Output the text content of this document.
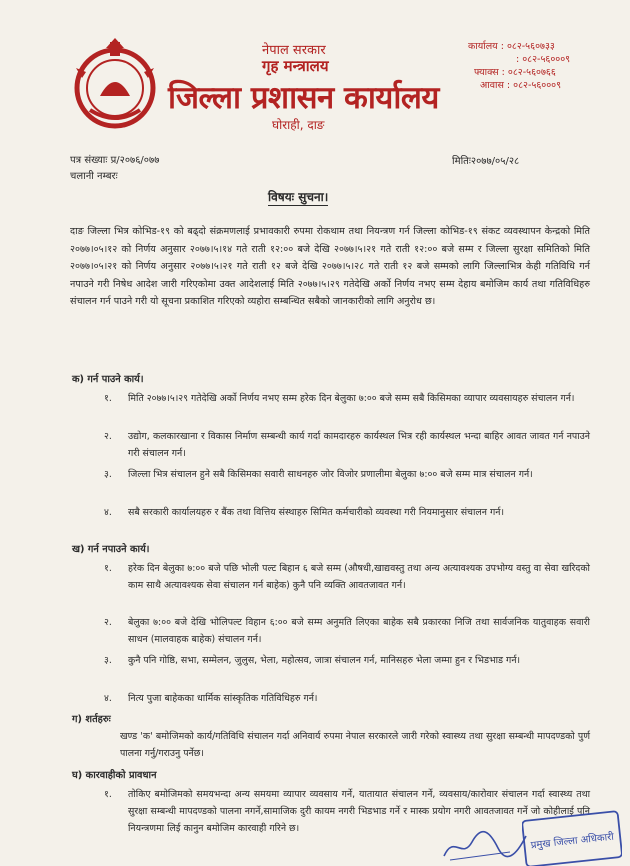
नेपाल सरकार
गृह मन्त्रालय
जिल्ला प्रशासन कार्यालय
घोराही, दाङ
कार्यालय : ०८२-५६०७३३
: ०८२-५६०००९
फ्याक्स : ०८२-५६०७६६
आवास : ०८२-५६०००९
पत्र संख्याः प्र/२०७६/०७७
चलानी नम्बरः
मितिः२०७७/०५/२८
विषयः सुचना।
दाङ जिल्ला भित्र कोभिड-१९ को बढ्दो संक्रमणलाई प्रभावकारी रुपमा रोकथाम तथा नियन्त्रण गर्न जिल्ला कोभिड-१९ संकट व्यवस्थापन केन्द्रको मिति २०७७।०५।१२ को निर्णय अनुसार २०७७।५।१४ गते राती १२:०० बजे देखि २०७७।५।२१ गते राती १२:०० बजे सम्म र जिल्ला सुरक्षा समितिको मिति २०७७।०५।२१ को निर्णय अनुसार २०७७।५।२१ गते राती १२ बजे देखि २०७७।५।२८ गते राती १२ बजे सम्मको लागि जिल्लाभित्र केही गतिविधि गर्न नपाउने गरी निषेध आदेश जारी गरिएकोमा उक्त आदेशलाई मिति २०७७।५।२९ गतेदेखि अर्को निर्णय नभए सम्म देहाय बमोजिम कार्य तथा गतिविधिहरु संचालन गर्न पाउने गरी यो सूचना प्रकाशित गरिएको व्यहोरा सम्बन्धित सबैको जानकारीको लागि अनुरोध छ।
क) गर्न पाउने कार्य।
१.	मिति २०७७।५।२९ गतेदेखि अर्को निर्णय नभए सम्म हरेक दिन बेलुका ७:०० बजे सम्म सबै किसिमका व्यापार व्यवसायहरु संचालन गर्न।
२.	उद्योग, कलकारखाना र विकास निर्माण सम्बन्धी कार्य गर्दा कामदारहरु कार्यस्थल भित्र रही कार्यस्थल भन्दा बाहिर आवत जावत गर्न नपाउने गरी संचालन गर्न।
३.	जिल्ला भित्र संचालन हुने सबै किसिमका सवारी साधनहरु जोर विजोर प्रणालीमा बेलुका ७:०० बजे सम्म मात्र संचालन गर्न।
४.	सबै सरकारी कार्यालयहरु र बैंक तथा वित्तिय संस्थाहरु सिमित कर्मचारीको व्यवस्था गरी नियमानुसार संचालन गर्न।
ख) गर्न नपाउने कार्य।
१.	हरेक दिन बेलुका ७:०० बजे पछि भोली पल्ट बिहान ६ बजे सम्म (औषधी,खाद्यवस्तु तथा अन्य अत्यावश्यक उपभोग्य वस्तु वा सेवा खरिदको काम साथै अत्यावश्यक सेवा संचालन गर्न बाहेक) कुनै पनि व्यक्ति आवतजावत गर्न।
२.	बेलुका ७:०० बजे देखि भोलिपल्ट विहान ६:०० बजे सम्म अनुमति लिएका बाहेक सबै प्रकारका निजि तथा सार्वजनिक यातुवाहक सवारी साधन (मालवाहक बाहेक) संचालन गर्न।
३.	कुनै पनि गोष्ठि, सभा, सम्मेलन, जुलुस, भेला, महोत्सव, जात्रा संचालन गर्न, मानिसहरु भेला जम्मा हुन र भिडभाड गर्न।
४.	नित्य पुजा बाहेकका धार्मिक सांस्कृतिक गतिविधिहरु गर्न।
ग) शर्तहरुः
खण्ड 'क' बमोजिमको कार्य/गतिविधि संचालन गर्दा अनिवार्य रुपमा नेपाल सरकारले जारी गरेको स्वास्थ्य तथा सुरक्षा सम्बन्धी मापदण्डको पुर्ण पालना गर्नु/गराउनु पर्नेछ।
घ) कारवाहीको प्रावधान
१.	तोकिए बमोजिमको समयभन्दा अन्य समयमा व्यापार व्यवसाय गर्ने, यातायात संचालन गर्ने, व्यवसाय/कारोवार संचालन गर्दा स्वास्थ्य तथा सुरक्षा सम्बन्धी मापदण्डको पालना नगर्ने,सामाजिक दुरी कायम नगरी भिडभाड गर्ने र मास्क प्रयोग नगरी आवतजावत गर्ने जो कोहीलाई पनि नियन्त्रणमा लिई कानुन बमोजिम कारवाही गरिने छ।
प्रमुख जिल्ला अधिकारी
